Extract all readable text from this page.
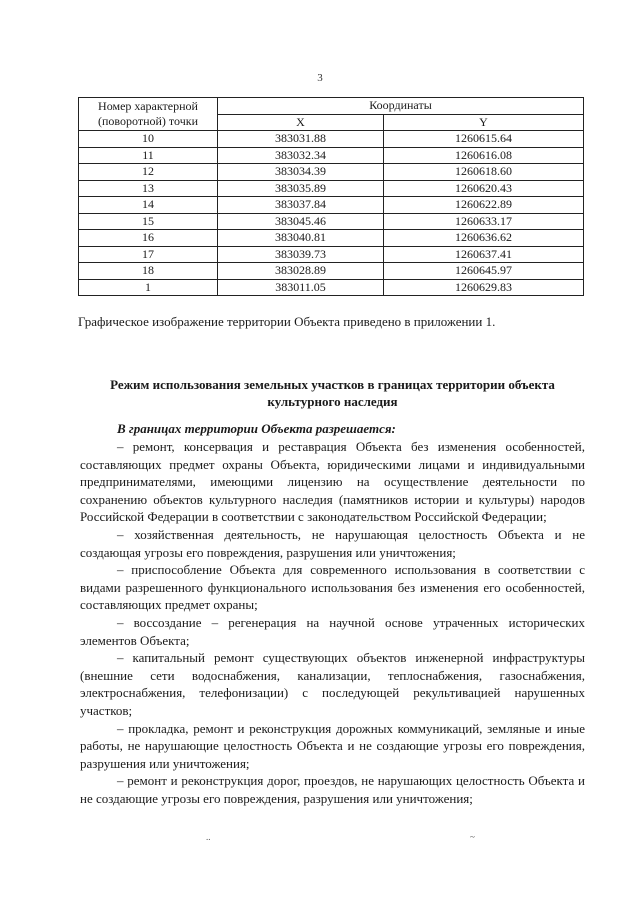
3
Номер характерной (поворотной) точки	Координаты	
	X	Y
10	383031.88	1260615.64
11	383032.34	1260616.08
12	383034.39	1260618.60
13	383035.89	1260620.43
14	383037.84	1260622.89
15	383045.46	1260633.17
16	383040.81	1260636.62
17	383039.73	1260637.41
18	383028.89	1260645.97
1	383011.05	1260629.83

Графическое изображение территории Объекта приведено в приложении 1.

Режим использования земельных участков в границах территории объекта культурного наследия

В границах территории Объекта разрешается:

– ремонт, консервация и реставрация Объекта без изменения особенностей, составляющих предмет охраны Объекта, юридическими лицами и индивидуальными предпринимателями, имеющими лицензию на осуществление деятельности по сохранению объектов культурного наследия (памятников истории и культуры) народов Российской Федерации в соответствии с законодательством Российской Федерации;

– хозяйственная деятельность, не нарушающая целостность Объекта и не создающая угрозы его повреждения, разрушения или уничтожения;

– приспособление Объекта для современного использования в соответствии с видами разрешенного функционального использования без изменения его особенностей, составляющих предмет охраны;

– воссоздание – регенерация на научной основе утраченных исторических элементов Объекта;

– капитальный ремонт существующих объектов инженерной инфраструктуры (внешние сети водоснабжения, канализации, теплоснабжения, газоснабжения, электроснабжения, телефонизации) с последующей рекультивацией нарушенных участков;

– прокладка, ремонт и реконструкция дорожных коммуникаций, земляные и иные работы, не нарушающие целостность Объекта и не создающие угрозы его повреждения, разрушения или уничтожения;

– ремонт и реконструкция дорог, проездов, не нарушающих целостность Объекта и не создающие угрозы его повреждения, разрушения или уничтожения;

..	~
